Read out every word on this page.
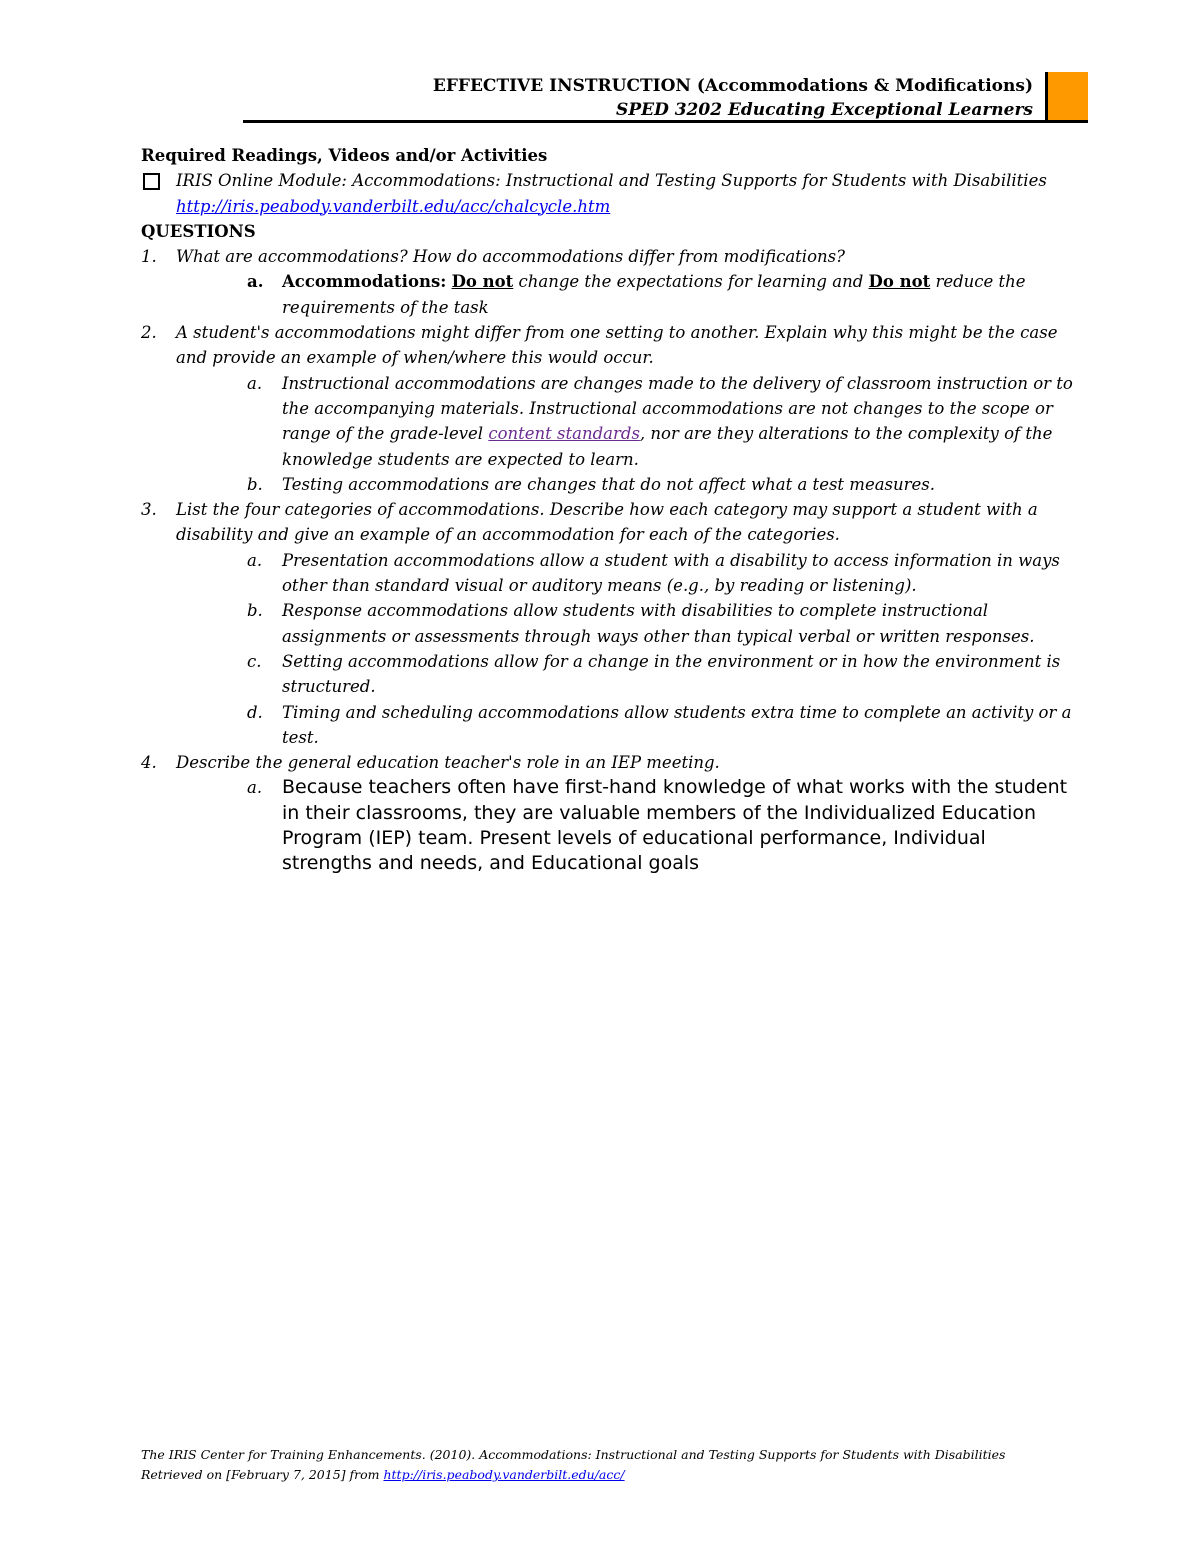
EFFECTIVE INSTRUCTION (Accommodations & Modifications)
SPED 3202 Educating Exceptional Learners
Required Readings, Videos and/or Activities
IRIS Online Module: Accommodations: Instructional and Testing Supports for Students with Disabilities http://iris.peabody.vanderbilt.edu/acc/chalcycle.htm
QUESTIONS
1. What are accommodations? How do accommodations differ from modifications?
a. Accommodations: Do not change the expectations for learning and Do not reduce the requirements of the task
2. A student's accommodations might differ from one setting to another. Explain why this might be the case and provide an example of when/where this would occur.
a. Instructional accommodations are changes made to the delivery of classroom instruction or to the accompanying materials. Instructional accommodations are not changes to the scope or range of the grade-level content standards, nor are they alterations to the complexity of the knowledge students are expected to learn.
b. Testing accommodations are changes that do not affect what a test measures.
3. List the four categories of accommodations. Describe how each category may support a student with a disability and give an example of an accommodation for each of the categories.
a. Presentation accommodations allow a student with a disability to access information in ways other than standard visual or auditory means (e.g., by reading or listening).
b. Response accommodations allow students with disabilities to complete instructional assignments or assessments through ways other than typical verbal or written responses.
c. Setting accommodations allow for a change in the environment or in how the environment is structured.
d. Timing and scheduling accommodations allow students extra time to complete an activity or a test.
4. Describe the general education teacher's role in an IEP meeting.
a. Because teachers often have first-hand knowledge of what works with the student in their classrooms, they are valuable members of the Individualized Education Program (IEP) team. Present levels of educational performance, Individual strengths and needs, and Educational goals
The IRIS Center for Training Enhancements. (2010). Accommodations: Instructional and Testing Supports for Students with Disabilities
Retrieved on [February 7, 2015] from http://iris.peabody.vanderbilt.edu/acc/
